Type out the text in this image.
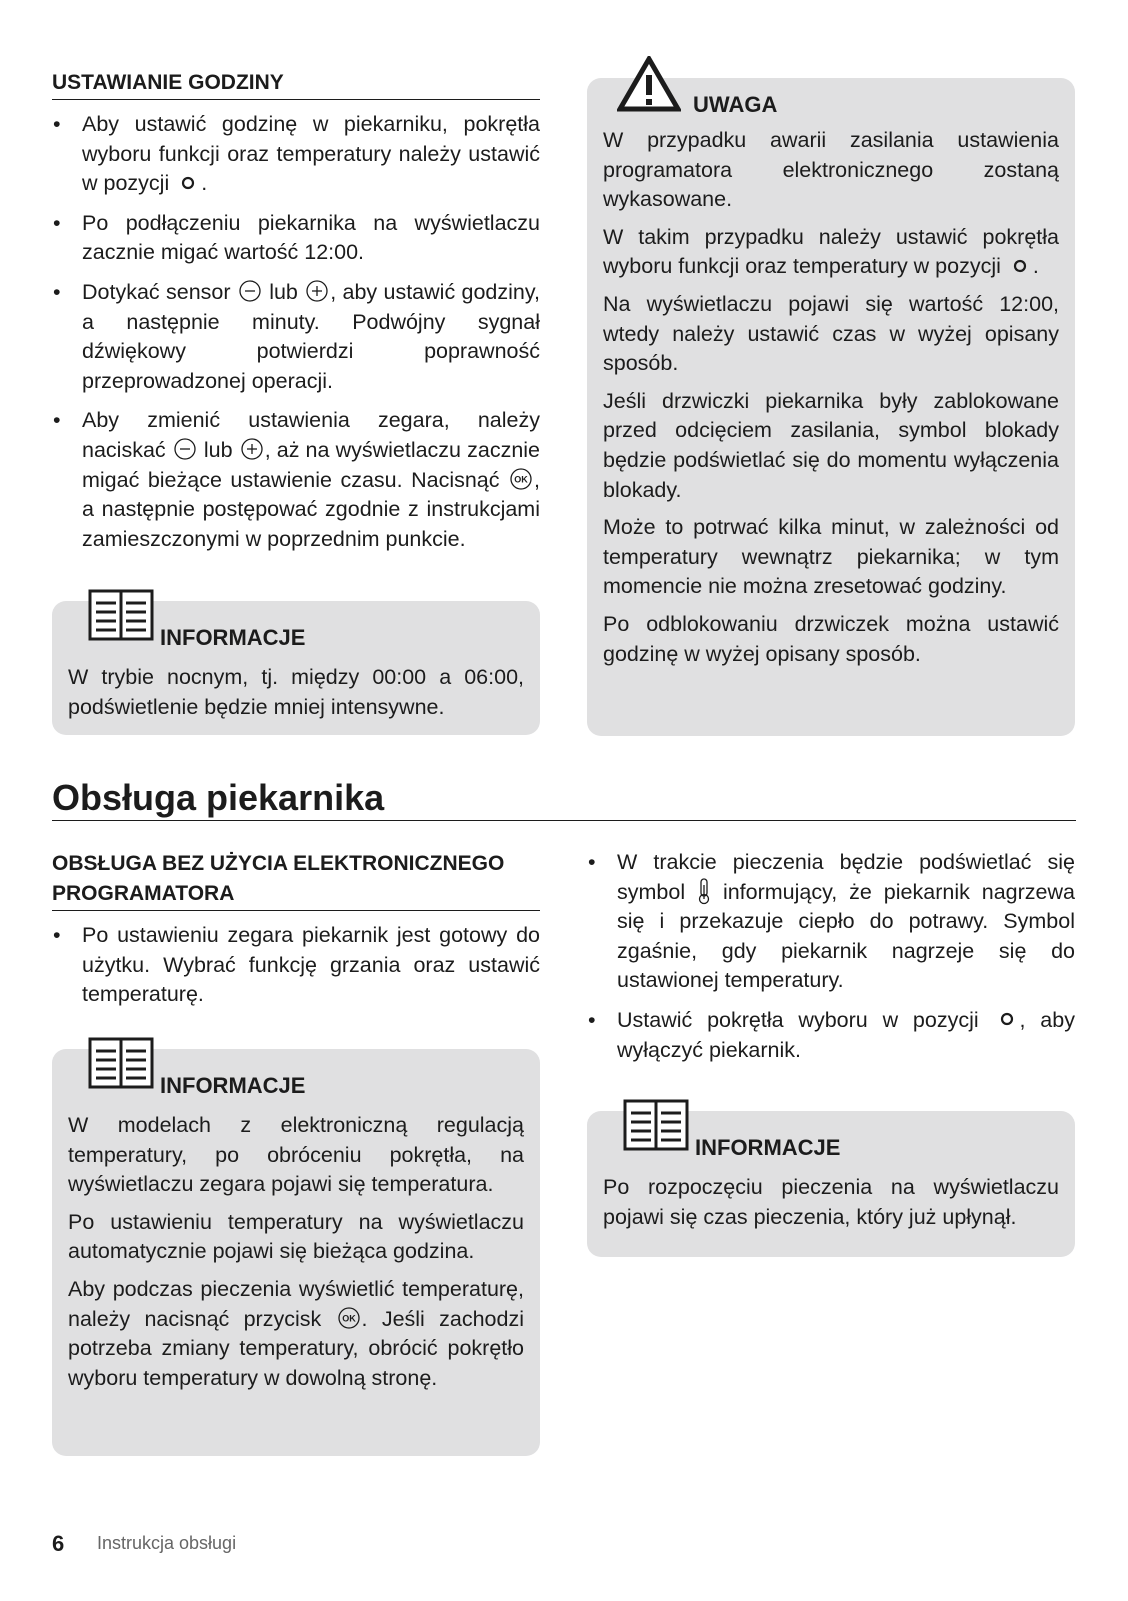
USTAWIANIE GODZINY
• Aby ustawić godzinę w piekarniku, pokrętła wyboru funkcji oraz temperatury należy ustawić w pozycji .
• Po podłączeniu piekarnika na wyświetlaczu zacznie migać wartość 12:00.
• Dotykać sensor lub , aby ustawić godziny, a następnie minuty. Podwójny sygnał dźwiękowy potwierdzi poprawność przeprowadzonej operacji.
• Aby zmienić ustawienia zegara, należy naciskać lub , aż na wyświetlaczu zacznie migać bieżące ustawienie czasu. Nacisnąć OK , a następnie postępować zgodnie z instrukcjami zamieszczonymi w poprzednim punkcie.
INFORMACJE

W trybie nocnym, tj. między 00:00 a 06:00, podświetlenie będzie mniej intensywne.

UWAGA

W przypadku awarii zasilania ustawienia programatora elektronicznego zostaną wykasowane.

W takim przypadku należy ustawić pokrętła wyboru funkcji oraz temperatury w pozycji .

Na wyświetlaczu pojawi się wartość 12:00, wtedy należy ustawić czas w wyżej opisany sposób.

Jeśli drzwiczki piekarnika były zablokowane przed odcięciem zasilania, symbol blokady będzie podświetlać się do momentu wyłączenia blokady.

Może to potrwać kilka minut, w zależności od temperatury wewnątrz piekarnika; w tym momencie nie można zresetować godziny.

Po odblokowaniu drzwiczek można ustawić godzinę w wyżej opisany sposób.

Obsługa piekarnika
OBSŁUGA BEZ UŻYCIA ELEKTRONICZNEGO PROGRAMATORA
• Po ustawieniu zegara piekarnik jest gotowy do użytku. Wybrać funkcję grzania oraz ustawić temperaturę.
INFORMACJE

W modelach z elektroniczną regulacją temperatury, po obróceniu pokrętła, na wyświetlaczu zegara pojawi się temperatura.

Po ustawieniu temperatury na wyświetlaczu automatycznie pojawi się bieżąca godzina.

Aby podczas pieczenia wyświetlić temperaturę, należy nacisnąć przycisk OK . Jeśli zachodzi potrzeba zmiany temperatury, obrócić pokrętło wyboru temperatury w dowolną stronę.

• W trakcie pieczenia będzie podświetlać się symbol informujący, że piekarnik nagrzewa się i przekazuje ciepło do potrawy. Symbol zgaśnie, gdy piekarnik nagrzeje się do ustawionej temperatury.
• Ustawić pokrętła wyboru w pozycji , aby wyłączyć piekarnik.
INFORMACJE

Po rozpoczęciu pieczenia na wyświetlaczu pojawi się czas pieczenia, który już upłynął.

6 Instrukcja obsługi
